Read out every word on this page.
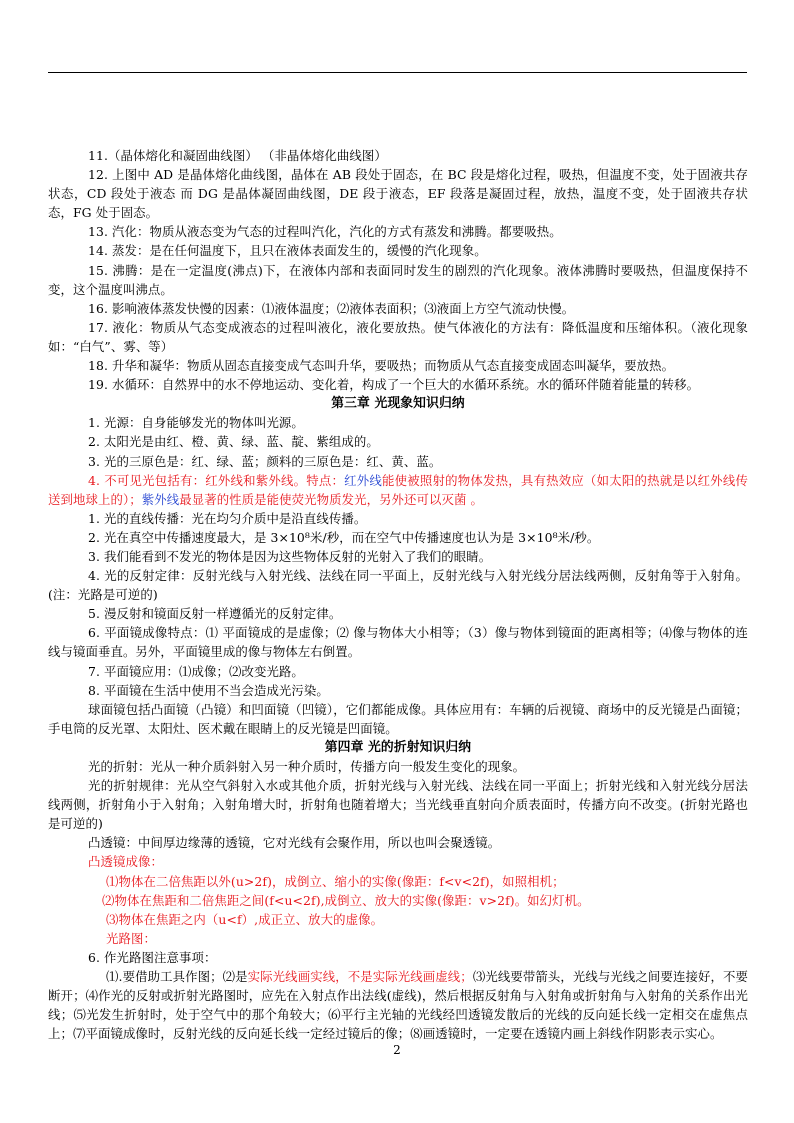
11.（晶体熔化和凝固曲线图） （非晶体熔化曲线图）

12. 上图中 AD 是晶体熔化曲线图，晶体在 AB 段处于固态，在 BC 段是熔化过程，吸热，但温度不变，处于固液共存状态，CD 段处于液态 而 DG 是晶体凝固曲线图，DE 段于液态，EF 段落是凝固过程，放热，温度不变，处于固液共存状态，FG 处于固态。

13. 汽化：物质从液态变为气态的过程叫汽化，汽化的方式有蒸发和沸腾。都要吸热。

14. 蒸发：是在任何温度下，且只在液体表面发生的，缓慢的汽化现象。

15. 沸腾：是在一定温度(沸点)下，在液体内部和表面同时发生的剧烈的汽化现象。液体沸腾时要吸热，但温度保持不变，这个温度叫沸点。

16. 影响液体蒸发快慢的因素：⑴液体温度；⑵液体表面积；⑶液面上方空气流动快慢。

17. 液化：物质从气态变成液态的过程叫液化，液化要放热。使气体液化的方法有：降低温度和压缩体积。（液化现象如：“白气”、雾、等）

18. 升华和凝华：物质从固态直接变成气态叫升华，要吸热；而物质从气态直接变成固态叫凝华，要放热。

19. 水循环：自然界中的水不停地运动、变化着，构成了一个巨大的水循环系统。水的循环伴随着能量的转移。

第三章 光现象知识归纳

1. 光源：自身能够发光的物体叫光源。

2. 太阳光是由红、橙、黄、绿、蓝、靛、紫组成的。

3. 光的三原色是：红、绿、蓝；颜料的三原色是：红、黄、蓝。

4. 不可见光包括有：红外线和紫外线。特点：红外线能使被照射的物体发热，具有热效应（如太阳的热就是以红外线传送到地球上的）；紫外线最显著的性质是能使荧光物质发光，另外还可以灭菌 。

1. 光的直线传播：光在均匀介质中是沿直线传播。

2. 光在真空中传播速度最大，是 3×10⁸米/秒，而在空气中传播速度也认为是 3×10⁸米/秒。

3. 我们能看到不发光的物体是因为这些物体反射的光射入了我们的眼睛。

4. 光的反射定律：反射光线与入射光线、法线在同一平面上，反射光线与入射光线分居法线两侧，反射角等于入射角。(注：光路是可逆的)

5. 漫反射和镜面反射一样遵循光的反射定律。

6. 平面镜成像特点：⑴ 平面镜成的是虚像；⑵ 像与物体大小相等；（3）像与物体到镜面的距离相等；⑷像与物体的连线与镜面垂直。另外，平面镜里成的像与物体左右倒置。

7. 平面镜应用：⑴成像；⑵改变光路。

8. 平面镜在生活中使用不当会造成光污染。

球面镜包括凸面镜（凸镜）和凹面镜（凹镜），它们都能成像。具体应用有：车辆的后视镜、商场中的反光镜是凸面镜；手电筒的反光罩、太阳灶、医术戴在眼睛上的反光镜是凹面镜。

第四章 光的折射知识归纳

光的折射：光从一种介质斜射入另一种介质时，传播方向一般发生变化的现象。

光的折射规律：光从空气斜射入水或其他介质，折射光线与入射光线、法线在同一平面上；折射光线和入射光线分居法线两侧，折射角小于入射角；入射角增大时，折射角也随着增大；当光线垂直射向介质表面时，传播方向不改变。(折射光路也是可逆的)

凸透镜：中间厚边缘薄的透镜，它对光线有会聚作用，所以也叫会聚透镜。

凸透镜成像：

⑴物体在二倍焦距以外(u>2f)，成倒立、缩小的实像(像距：f<v<2f)，如照相机；

⑵物体在焦距和二倍焦距之间(f<u<2f),成倒立、放大的实像(像距：v>2f)。如幻灯机。

⑶物体在焦距之内（u<f）,成正立、放大的虚像。

光路图：

6. 作光路图注意事项：

⑴.要借助工具作图；⑵是实际光线画实线，不是实际光线画虚线；⑶光线要带箭头，光线与光线之间要连接好，不要断开；⑷作光的反射或折射光路图时，应先在入射点作出法线(虚线)，然后根据反射角与入射角或折射角与入射角的关系作出光线；⑸光发生折射时，处于空气中的那个角较大；⑹平行主光轴的光线经凹透镜发散后的光线的反向延长线一定相交在虚焦点上；⑺平面镜成像时，反射光线的反向延长线一定经过镜后的像；⑻画透镜时，一定要在透镜内画上斜线作阴影表示实心。

2
